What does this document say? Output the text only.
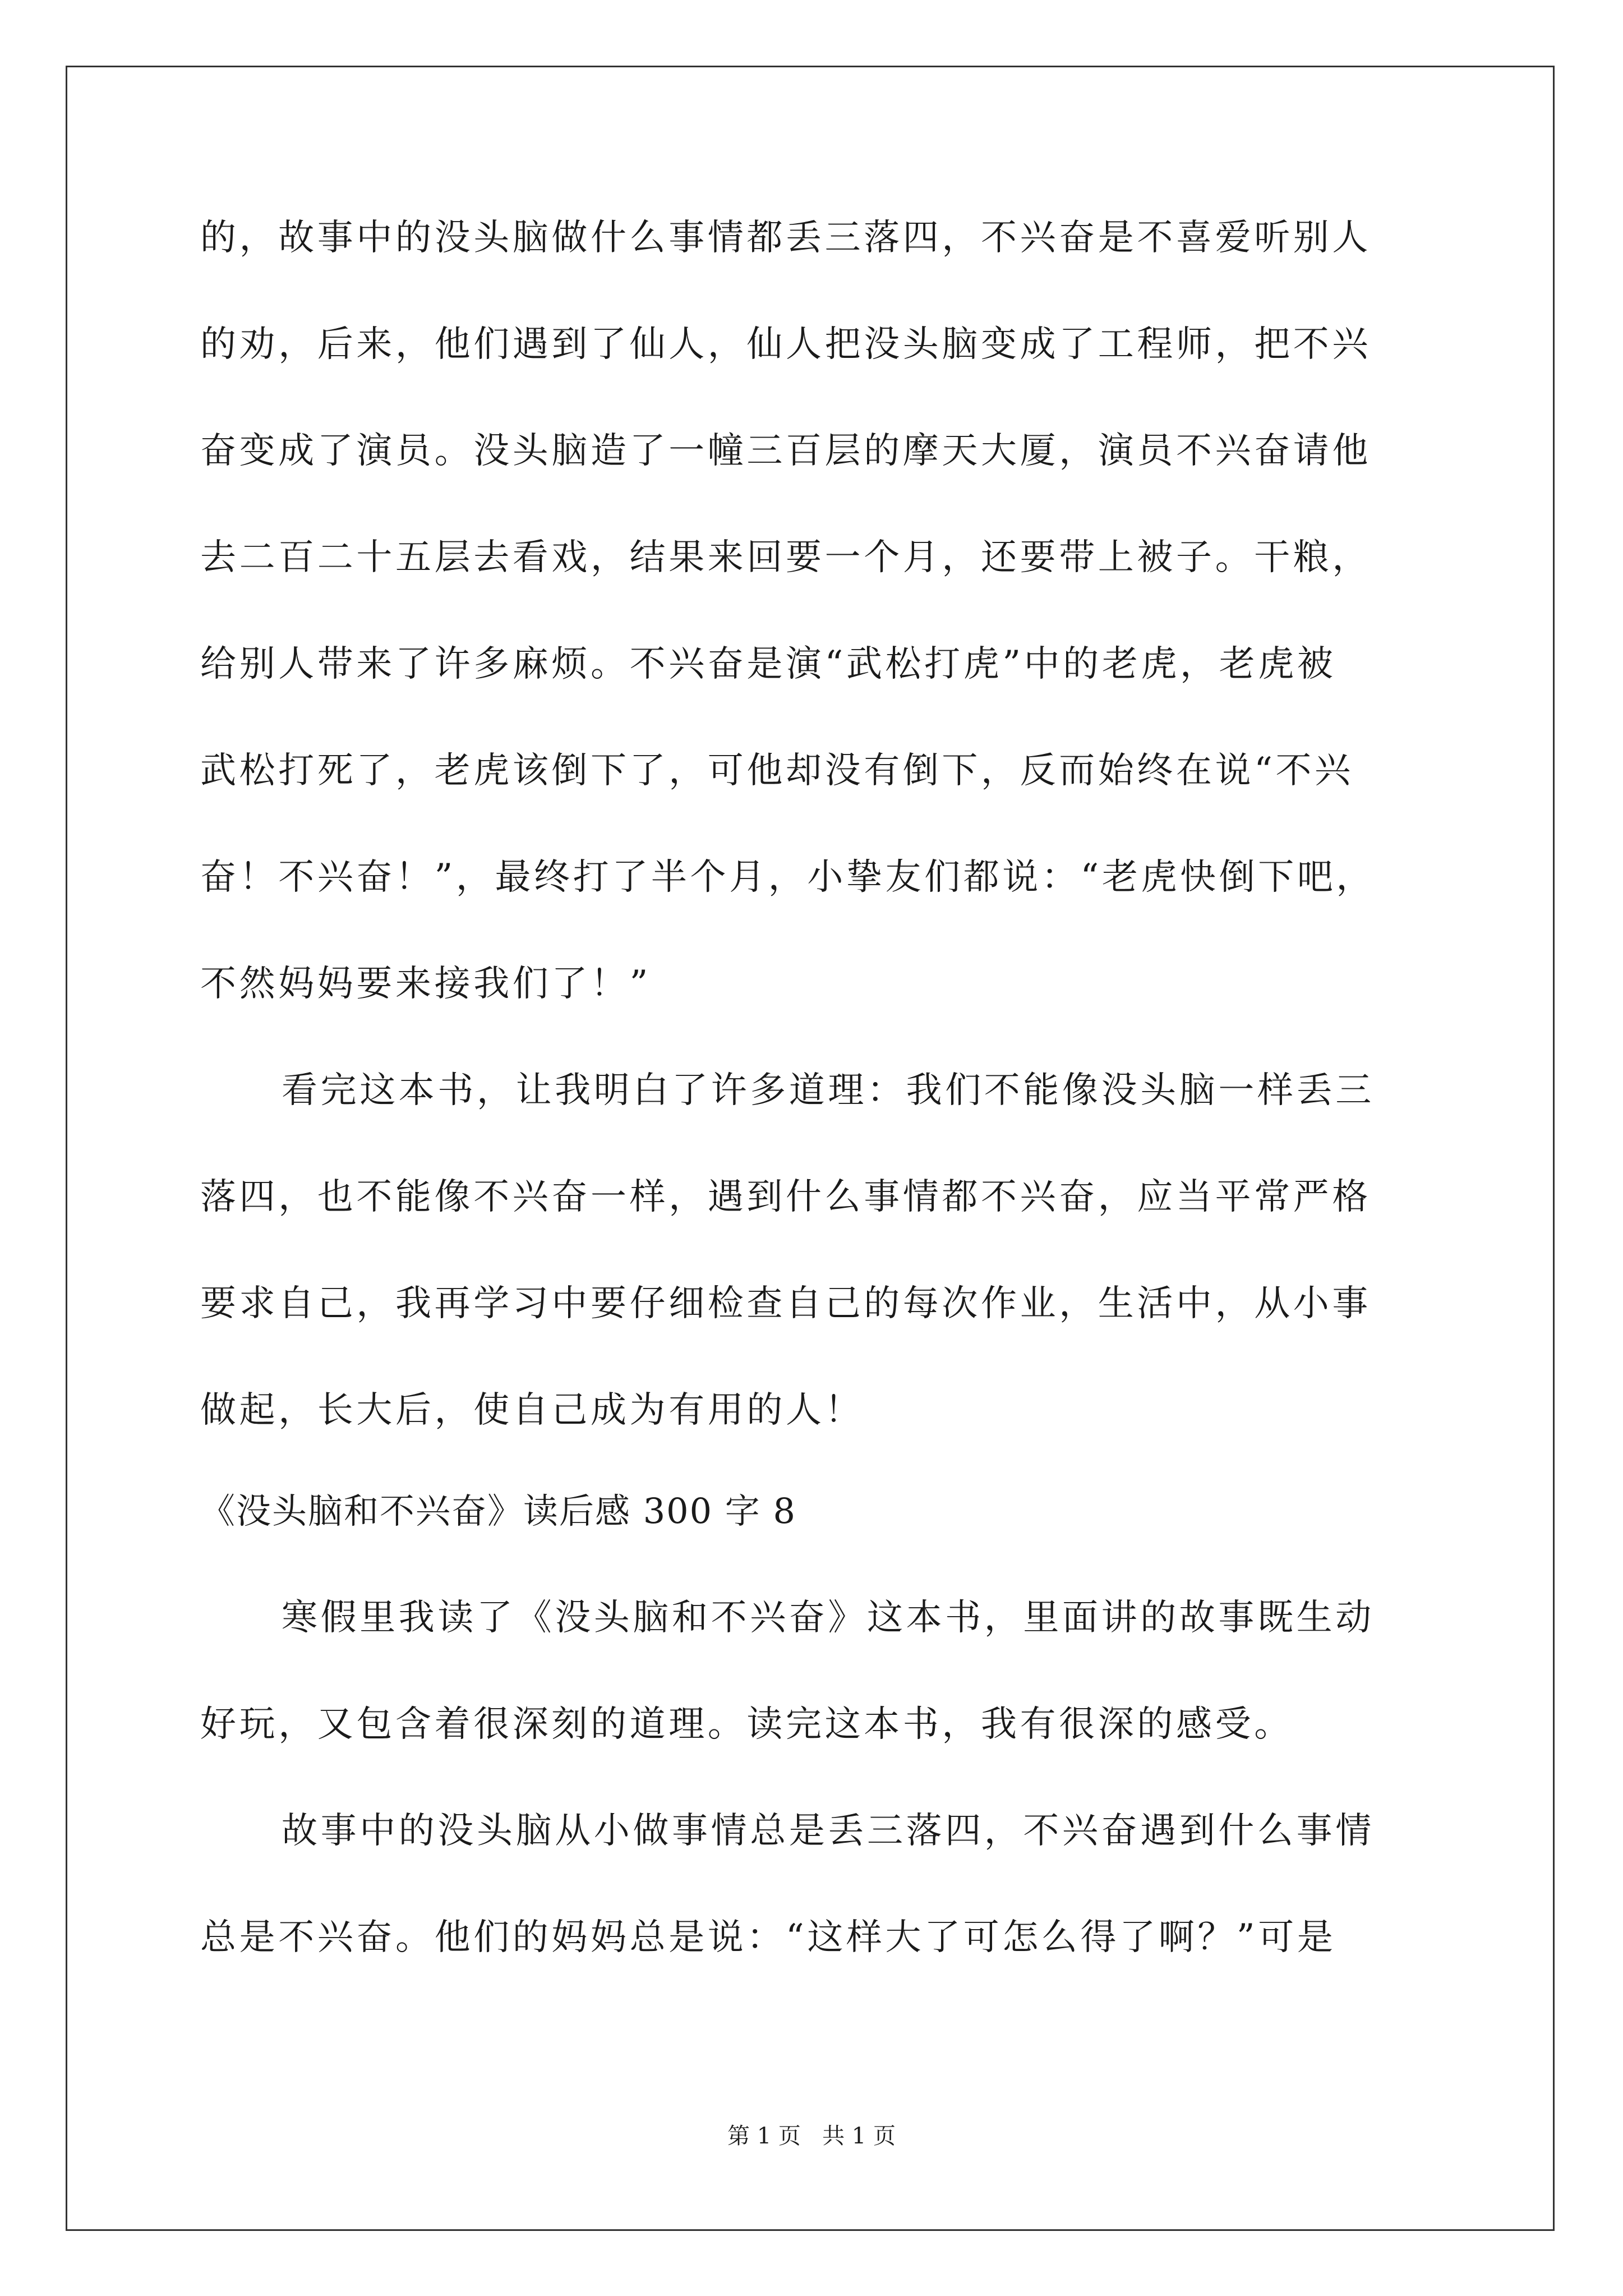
的，故事中的没头脑做什么事情都丢三落四，不兴奋是不喜爱听别人
的劝，后来，他们遇到了仙人，仙人把没头脑变成了工程师，把不兴
奋变成了演员。没头脑造了一幢三百层的摩天大厦，演员不兴奋请他
去二百二十五层去看戏，结果来回要一个月，还要带上被子。干粮，
给别人带来了许多麻烦。不兴奋是演“武松打虎”中的老虎，老虎被
武松打死了，老虎该倒下了，可他却没有倒下，反而始终在说“不兴
奋！不兴奋！”，最终打了半个月，小挚友们都说：“老虎快倒下吧，
不然妈妈要来接我们了！”
看完这本书，让我明白了许多道理：我们不能像没头脑一样丢三
落四，也不能像不兴奋一样，遇到什么事情都不兴奋，应当平常严格
要求自己，我再学习中要仔细检查自己的每次作业，生活中，从小事
做起，长大后，使自己成为有用的人！
《没头脑和不兴奋》读后感 300 字 8
寒假里我读了《没头脑和不兴奋》这本书，里面讲的故事既生动
好玩，又包含着很深刻的道理。读完这本书，我有很深的感受。
故事中的没头脑从小做事情总是丢三落四，不兴奋遇到什么事情
总是不兴奋。他们的妈妈总是说：“这样大了可怎么得了啊？”可是
第 1 页   共 1 页
